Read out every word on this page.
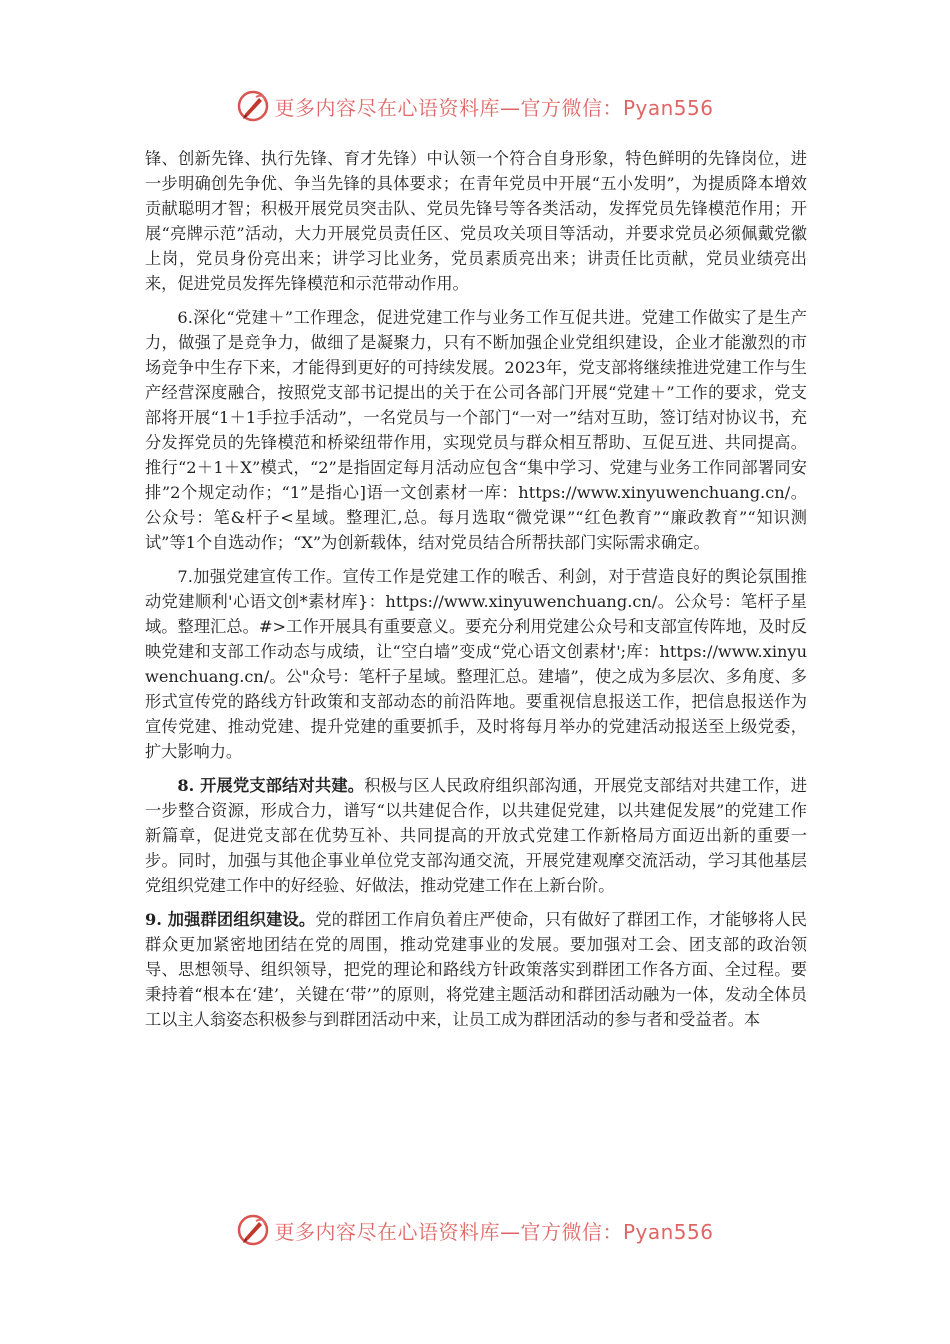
更多内容尽在心语资料库—官方微信：Pyan556

锋、创新先锋、执行先锋、育才先锋）中认领一个符合自身形象，特色鲜明的先锋岗位，进一步明确创先争优、争当先锋的具体要求；在青年党员中开展“五小发明”，为提质降本增效贡献聪明才智；积极开展党员突击队、党员先锋号等各类活动，发挥党员先锋模范作用；开展“亮牌示范”活动，大力开展党员责任区、党员攻关项目等活动，并要求党员必须佩戴党徽上岗，党员身份亮出来；讲学习比业务，党员素质亮出来；讲责任比贡献，党员业绩亮出来，促进党员发挥先锋模范和示范带动作用。

6.深化“党建＋”工作理念，促进党建工作与业务工作互促共进。党建工作做实了是生产力，做强了是竞争力，做细了是凝聚力，只有不断加强企业党组织建设，企业才能激烈的市场竞争中生存下来，才能得到更好的可持续发展。2023年，党支部将继续推进党建工作与生产经营深度融合，按照党支部书记提出的关于在公司各部门开展“党建＋”工作的要求，党支部将开展“1＋1手拉手活动”，一名党员与一个部门“一对一”结对互助，签订结对协议书，充分发挥党员的先锋模范和桥梁纽带作用，实现党员与群众相互帮助、互促互进、共同提高。推行“2＋1＋X”模式，“2”是指固定每月活动应包含“集中学习、党建与业务工作同部署同安排”2个规定动作；“1”是指心]语一文创素材一库：https://www.xinyuwenchuang.cn/。公众号：笔&杆子<星域。整理汇,总。每月选取“微党课”“红色教育”“廉政教育”“知识测试”等1个自选动作；“X”为创新载体，结对党员结合所帮扶部门实际需求确定。

7.加强党建宣传工作。宣传工作是党建工作的喉舌、利剑，对于营造良好的舆论氛围推动党建顺利'心语文创*素材库}：https://www.xinyuwenchuang.cn/。公众号：笔杆子星域。整理汇总。#>工作开展具有重要意义。要充分利用党建公众号和支部宣传阵地，及时反映党建和支部工作动态与成绩，让“空白墙”变成“党心语文创素材';库：https://www.xinyuwenchuang.cn/。公"众号：笔杆子星域。整理汇总。建墙”，使之成为多层次、多角度、多形式宣传党的路线方针政策和支部动态的前沿阵地。要重视信息报送工作，把信息报送作为宣传党建、推动党建、提升党建的重要抓手，及时将每月举办的党建活动报送至上级党委，扩大影响力。

8. 开展党支部结对共建。积极与区人民政府组织部沟通，开展党支部结对共建工作，进一步整合资源，形成合力，谱写“以共建促合作，以共建促党建，以共建促发展”的党建工作新篇章，促进党支部在优势互补、共同提高的开放式党建工作新格局方面迈出新的重要一步。同时，加强与其他企事业单位党支部沟通交流，开展党建观摩交流活动，学习其他基层党组织党建工作中的好经验、好做法，推动党建工作在上新台阶。

9. 加强群团组织建设。党的群团工作肩负着庄严使命，只有做好了群团工作，才能够将人民群众更加紧密地团结在党的周围，推动党建事业的发展。要加强对工会、团支部的政治领导、思想领导、组织领导，把党的理论和路线方针政策落实到群团工作各方面、全过程。要秉持着“根本在‘建’，关键在‘带’”的原则，将党建主题活动和群团活动融为一体，发动全体员工以主人翁姿态积极参与到群团活动中来，让员工成为群团活动的参与者和受益者。本

更多内容尽在心语资料库—官方微信：Pyan556
